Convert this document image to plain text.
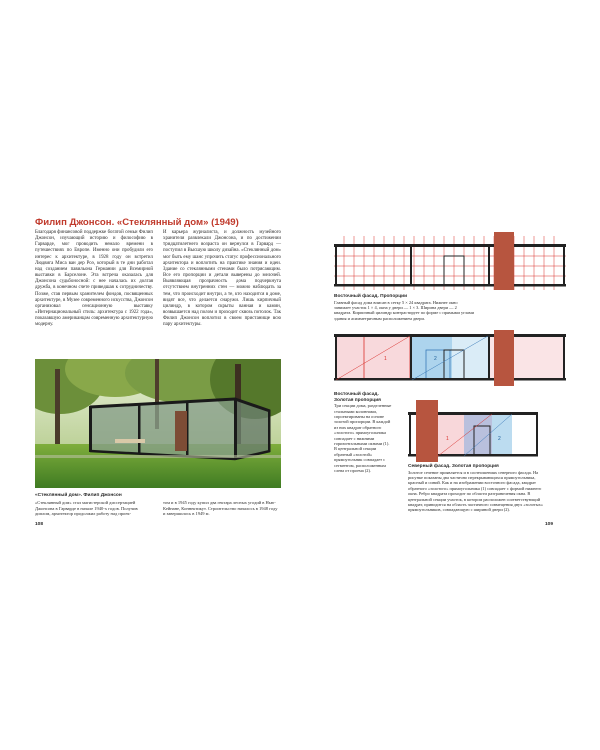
Филип Джонсон. «Стеклянный дом» (1949)
Благодаря финансовой поддержке богатой семьи Филип Джонсон, изучающий историю и философию в Гарварде, мог проводить немало времени в путешествиях по Европе. Именно они пробудили его интерес к архитектуре, в 1928 году он встретил Людвига Миса ван дер Роэ, который в те дни работал над созданием павильона Германии для Всемирной выставки в Барселоне. Эта встреча оказалась для Джонсона судьбоносной: с нее началась их долгая дружба, в конечном счете приведшая к сотрудничеству. Позже, став первым хранителем фондов, посвященных архитектуре, в Музее современного искусства, Джонсон организовал сенсационную выставку «Интернациональный стиль: архитектура с 1922 года», показавшую американцам современную архитектурную модерну.
И карьера журналиста, и должность музейного хранителя развлекали Джонсона, и по достижении тридцатилетнего возраста он вернулся в Гарвард — поступил в Высшую школу дизайна. «Стеклянный дом» мог быть ему шанс упрочить статус профессионального архитектора и воплотить на практике знания и идеи. Здание со стеклянными стенами было потрясающим. Все его пропорции и детали выверены до мелочей. Выявляющая прозрачность дома подчеркнута отсутствием внутренних стен — можно наблюдать за тем, что происходит внутри, а те, кто находится в доме, видят все, что делается снаружи. Лишь кирпичный цилиндр, в котором скрыты ванная и камин, возвышается над полом и проходит сквозь потолок. Так Филип Джонсон воплотил в своем пристанище всю пару архитектуры.
«Стеклянный дом». Филип Джонсон
«Стеклянный дом» стал магистерской диссертацией Джонсона в Гарварде в начале 1940-х годов. Получив диплом, архитектор продолжил работу над проек-
том и в 1945 году купил два гектара лесных угодий в Нью-Кейнане, Коннектикут. Строительство началось в 1948 году и завершилось в 1949 м.
108
Восточный фасад. Пропорции
Главный фасад дома вписан в сетку 5 × 24 квадрата. Нижнее окно занимает участок 1 × 4, окна у двери — 1 × 3. Ширина двери — 2 квадрата. Кирпичный цилиндр контрастирует по форме с прямыми углами здания и асимметричным расположением двери.
1	2
Восточный фасад. Золотая пропорция
Три секции дома, разделенные стальными колоннами, спроектированы на основе золотой пропорции. В каждой из них квадрат обратного «золотого» прямоугольника совпадает с нижними горизонтальными окнами (1). В центральной секции обратный «золотой» прямоугольник совпадает с сегментом, расположенным слева от проема (2).
1	2
Северный фасад. Золотая пропорция
Золотое сечение проявляется и в соотношениях северного фасада. На рисунке показаны два частично перекрывающихся прямоугольника, красный и синий. Как и на изображении восточного фасада, квадрат обратного «золотого» прямоугольника (1) совпадает с формой нижнего окна. Ребро квадрата проходит по области разграничения окна. В центральной секции участок, в котором расположен соответствующий квадрат, приводится на область частичного совмещения двух «золотых» прямоугольников, совпадающую с шириной двери (2).
109
